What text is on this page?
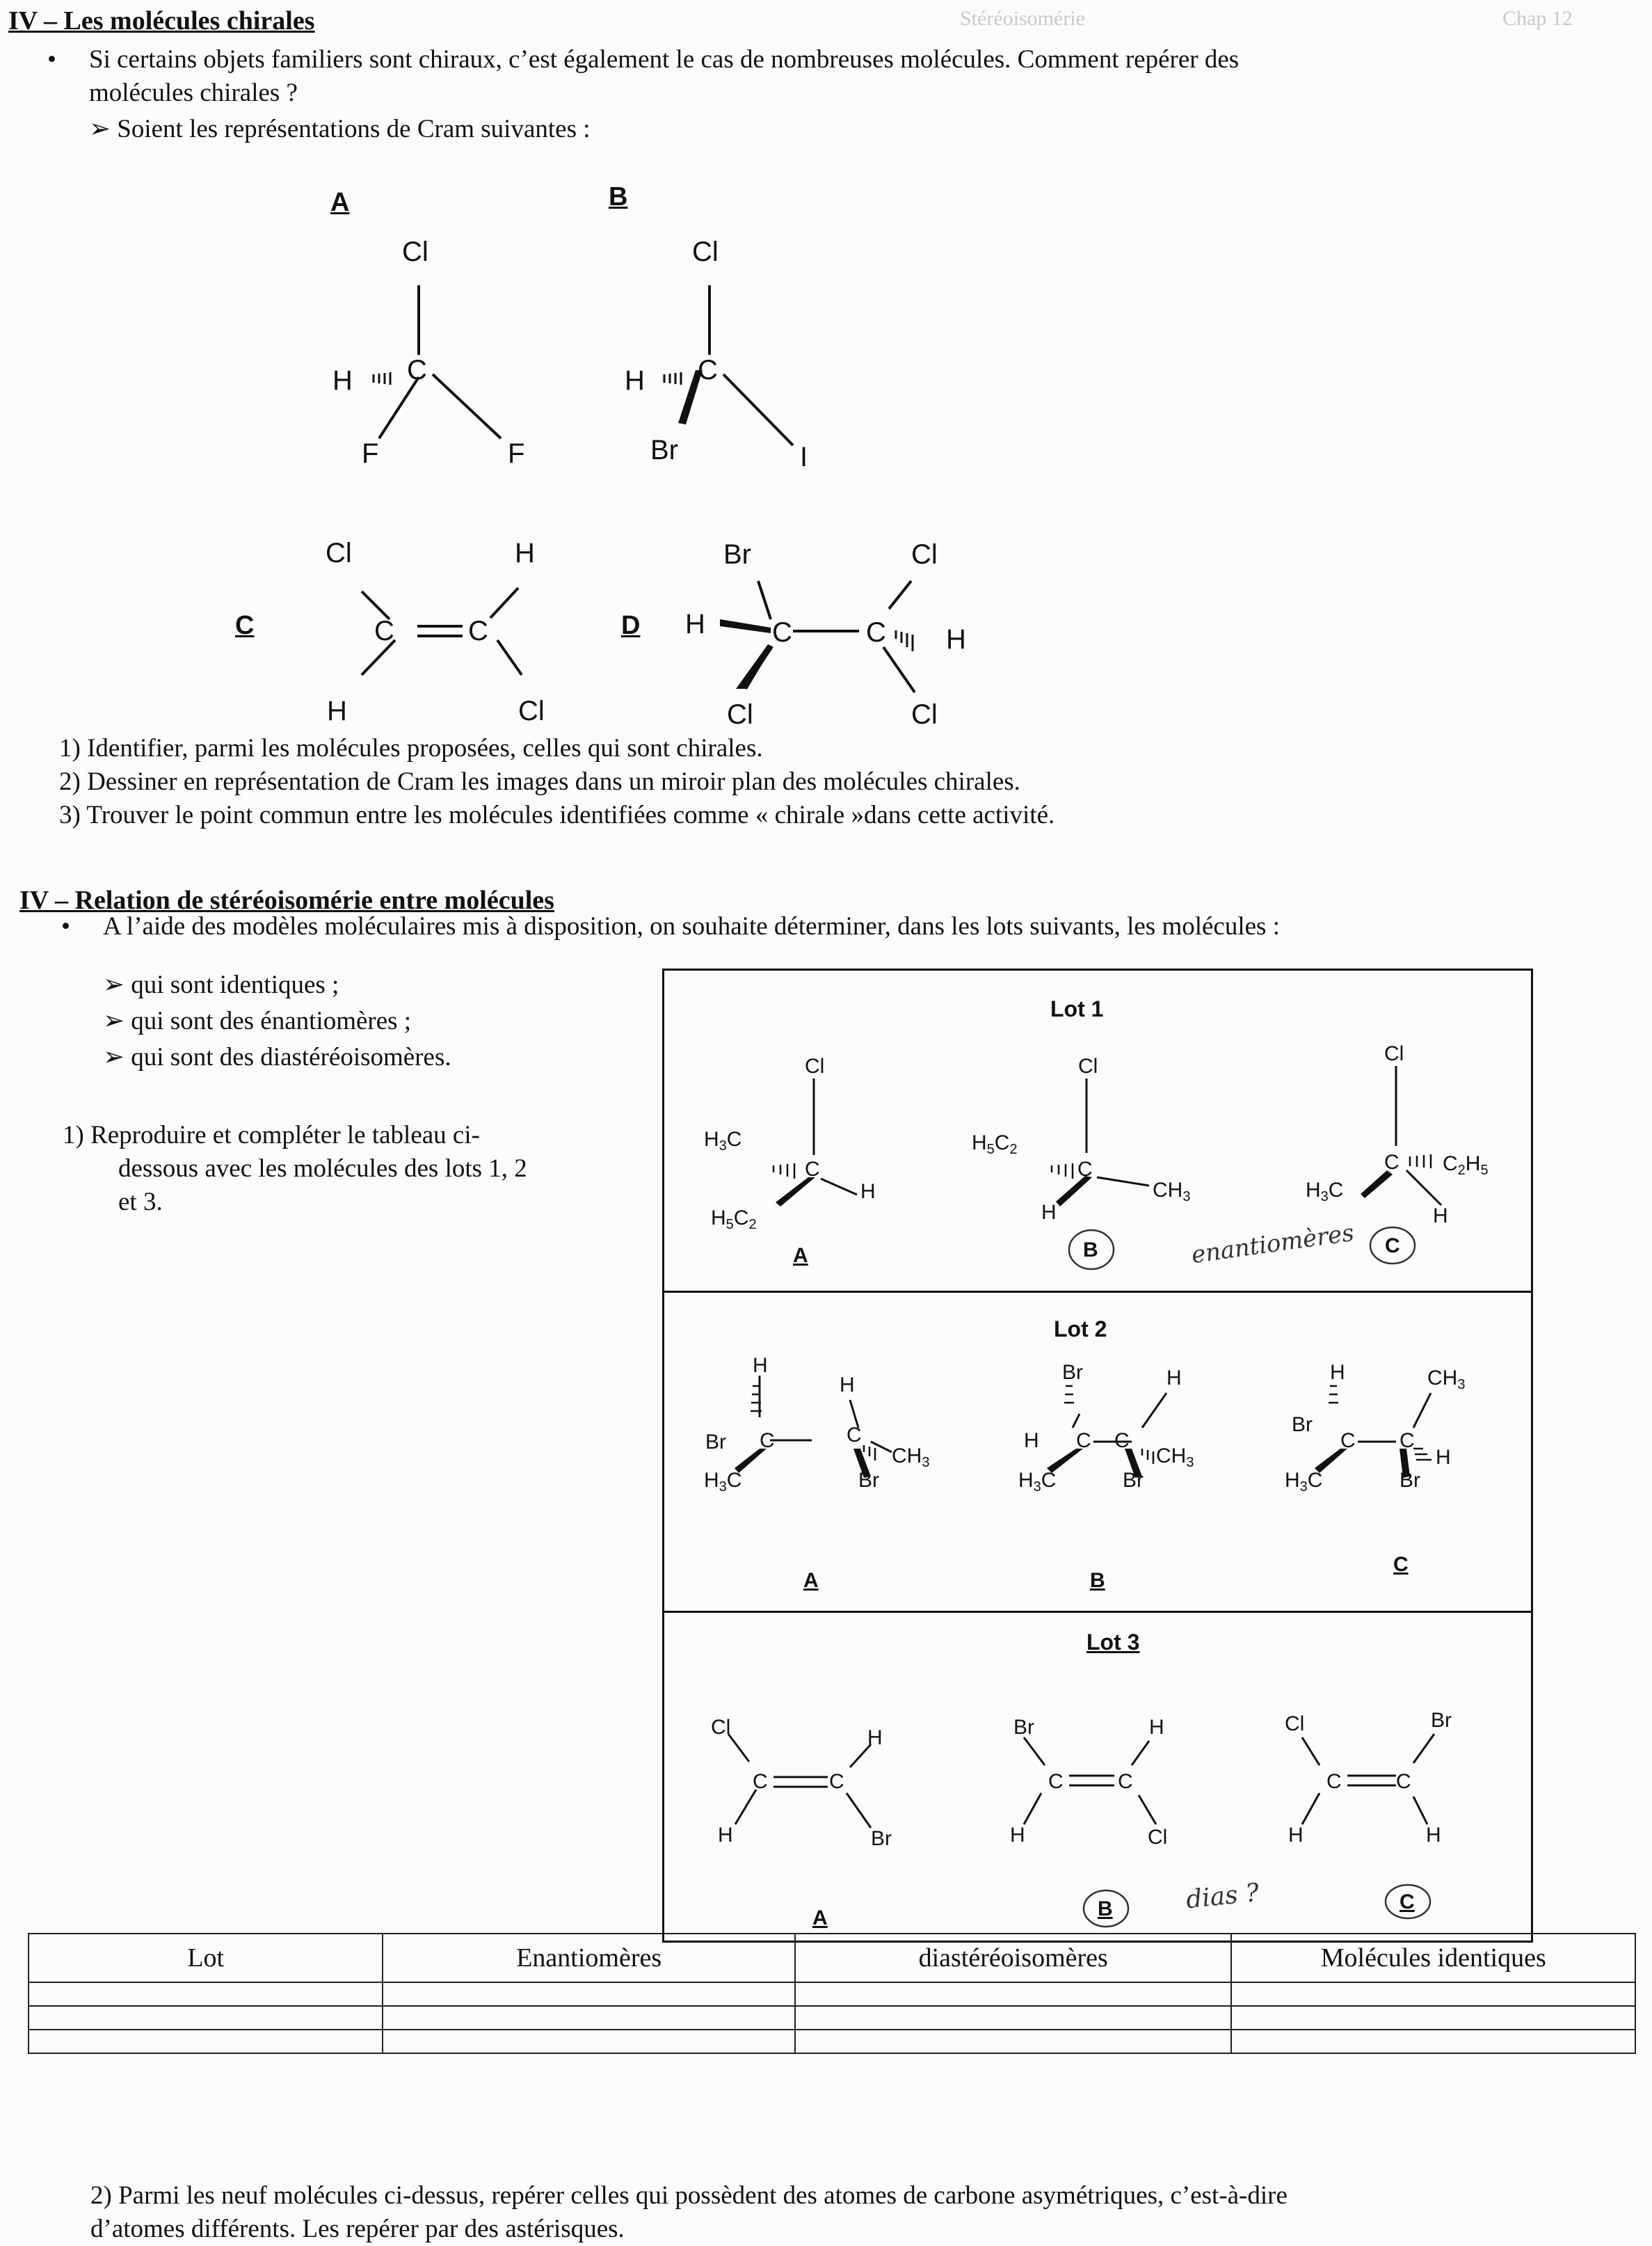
Stéréoisomérie	Chap 12
IV – Les molécules chirales
• Si certains objets familiers sont chiraux, c’est également le cas de nombreuses molécules. Comment repérer des
molécules chirales ?
➢ Soient les représentations de Cram suivantes :
Cl
H C
F	F
Cl
H C
Br	I
Cl	H
C	C
H	Cl
Br	Cl
H C	C H
Cl	Cl
A	B
C	D
1) Identifier, parmi les molécules proposées, celles qui sont chirales.
2) Dessiner en représentation de Cram les images dans un miroir plan des molécules chirales.
3) Trouver le point commun entre les molécules identifiées comme « chirale »dans cette activité.
IV – Relation de stéréoisomérie entre molécules
• A l’aide des modèles moléculaires mis à disposition, on souhaite déterminer, dans les lots suivants, les molécules :
➢ qui sont identiques ;
➢ qui sont des énantiomères ;
➢ qui sont des diastéréoisomères.
1) Reproduire et compléter le tableau ci-
dessous avec les molécules des lots 1, 2
et 3.
Lot 1
Lot 2
Lot 3
Cl
$H_3C$
C
H
$H_5C_2$
Cl
$H_5C_2$
C
$CH_3$
H
Cl
C $C_2H_5$
$H_3C$
H
H
H
Br C	C
$CH_3$
$H_3C$	Br
Br	H
H C C
$CH_3$
$H_3C$	Br
H	$CH_3$
Br
C C
H
$H_3C$	Br
Cl
C	C
H
H	Br
Br	H
C	C
H	Cl
Cl	Br
C	C
H	H
A	B	C
A	B
C
A	B	C
enantiomères
dias ?
Lot	Enantiomères	diastéréoisomères	Molécules identiques

2) Parmi les neuf molécules ci-dessus, repérer celles qui possèdent des atomes de carbone asymétriques, c’est-à-dire
d’atomes différents. Les repérer par des astérisques.
